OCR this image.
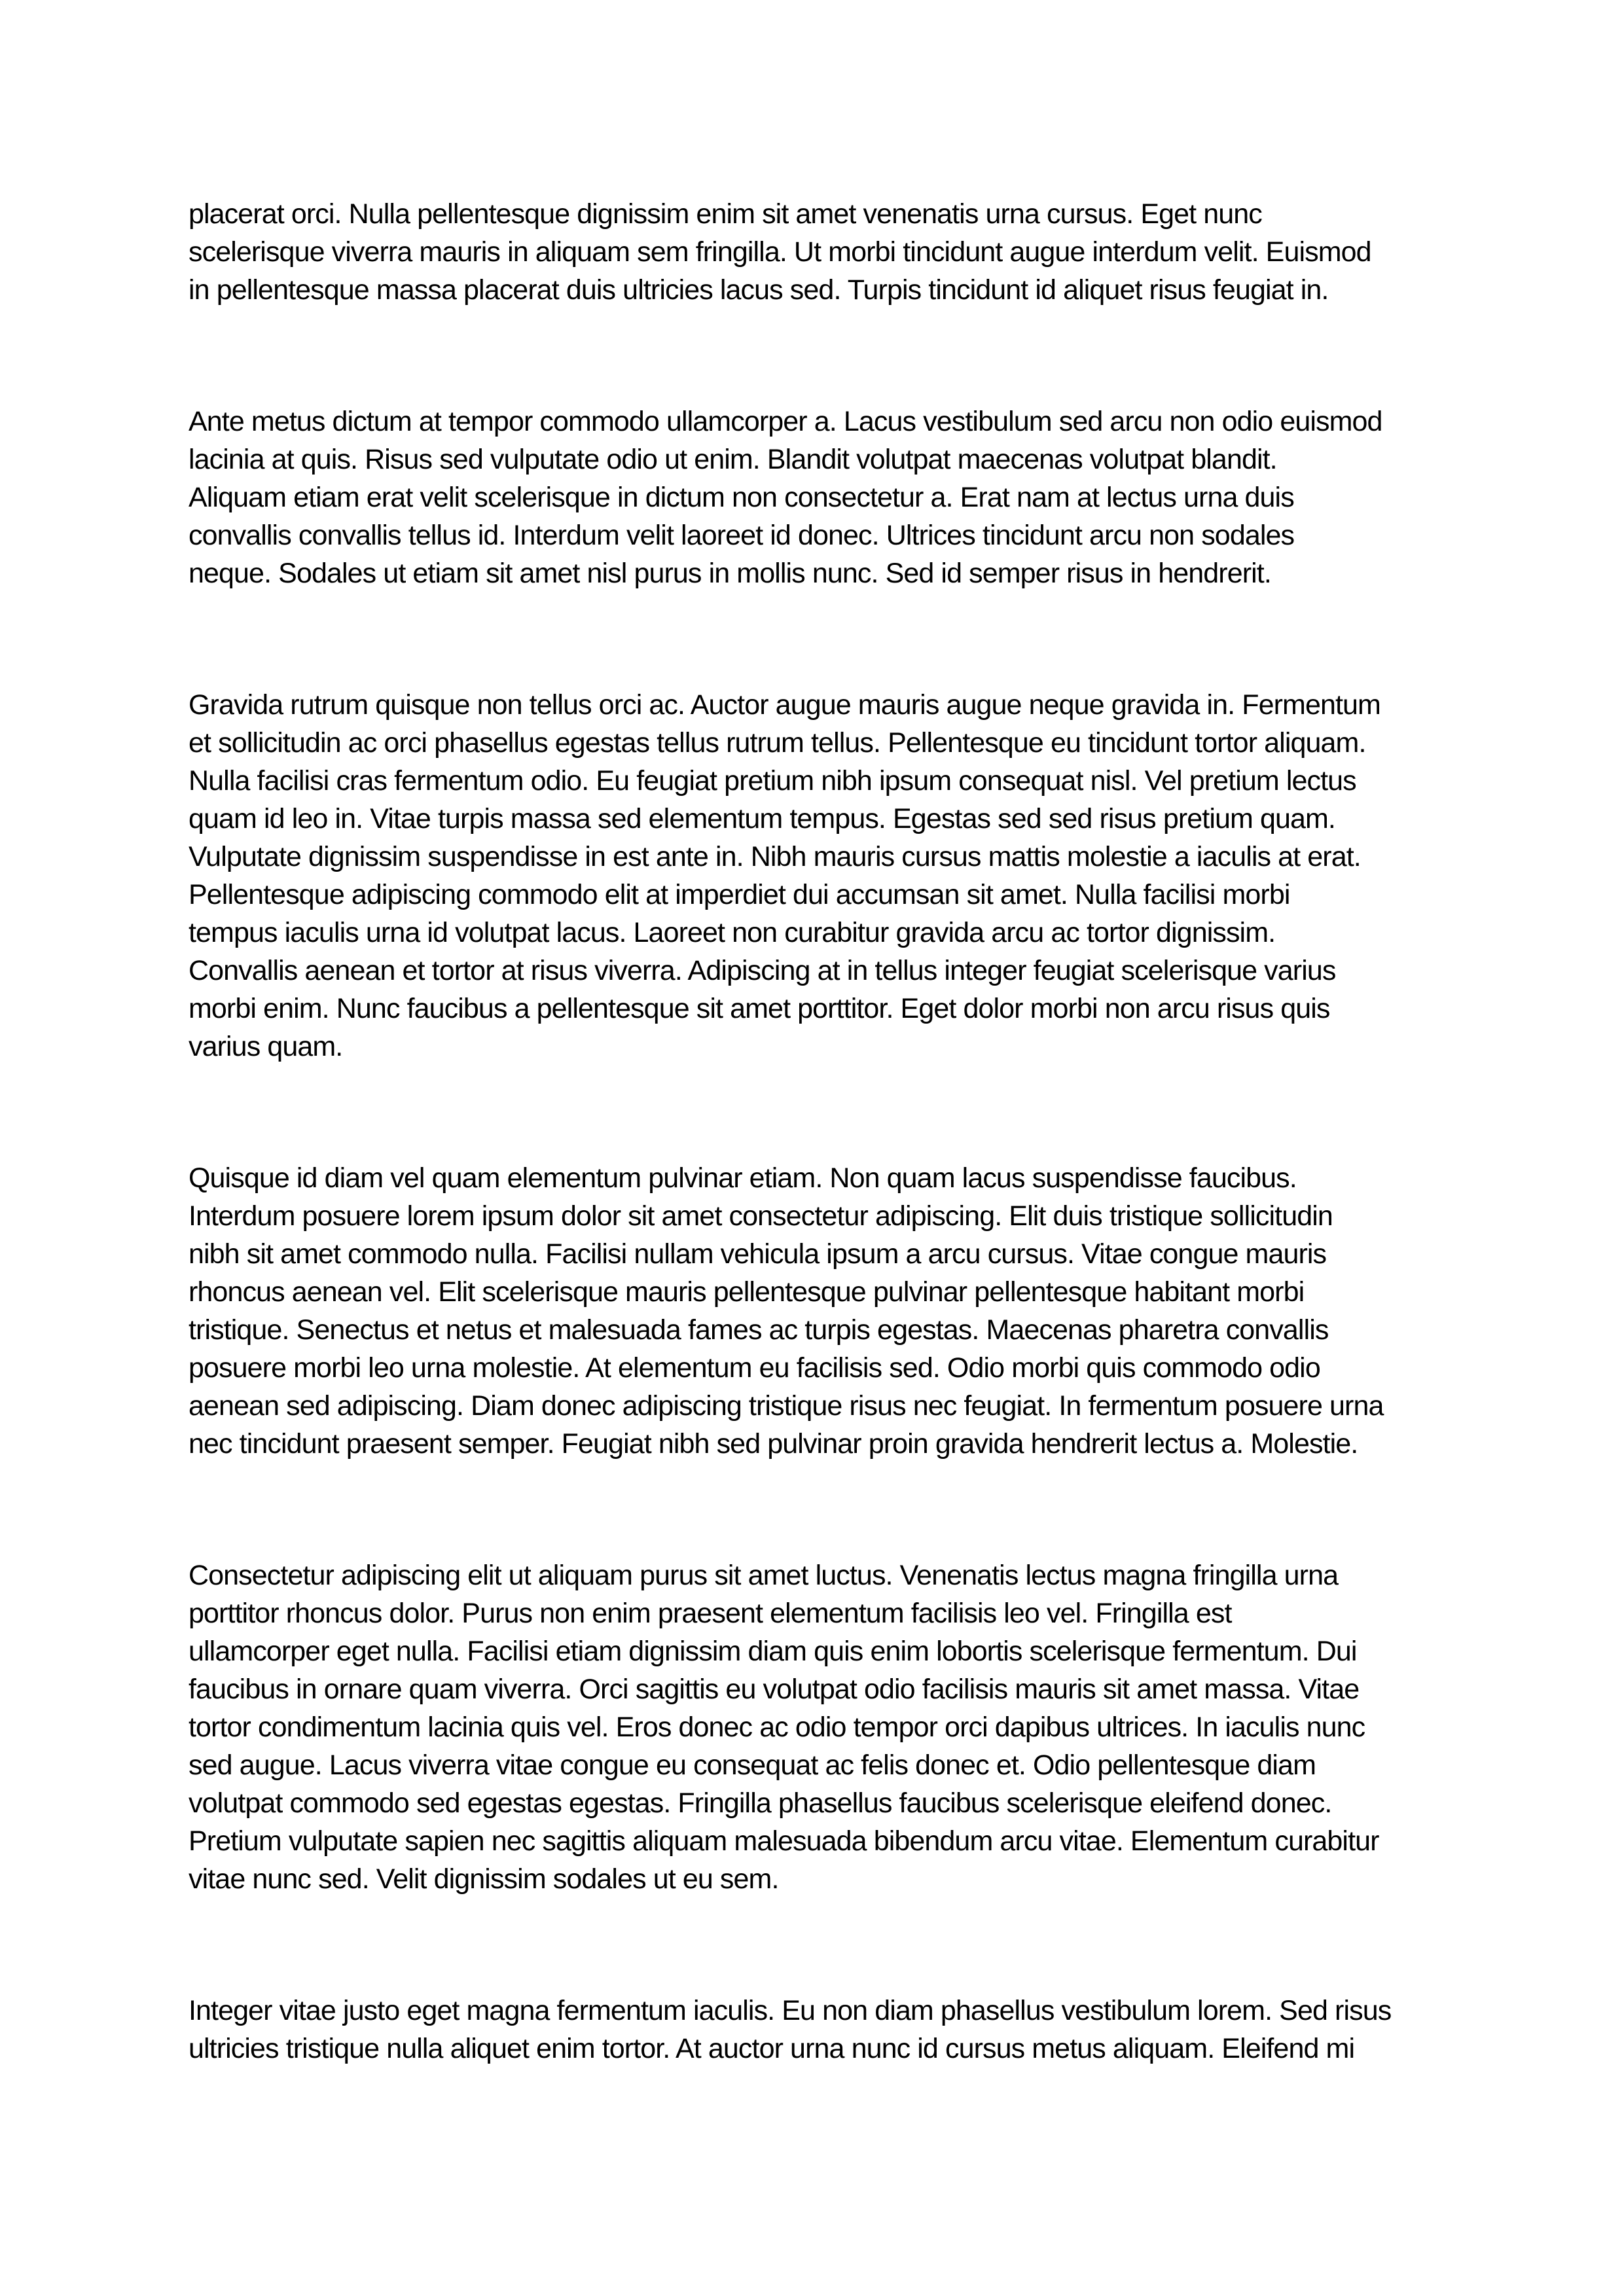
placerat orci. Nulla pellentesque dignissim enim sit amet venenatis urna cursus. Eget nunc
scelerisque viverra mauris in aliquam sem fringilla. Ut morbi tincidunt augue interdum velit. Euismod
in pellentesque massa placerat duis ultricies lacus sed. Turpis tincidunt id aliquet risus feugiat in.
Ante metus dictum at tempor commodo ullamcorper a. Lacus vestibulum sed arcu non odio euismod
lacinia at quis. Risus sed vulputate odio ut enim. Blandit volutpat maecenas volutpat blandit.
Aliquam etiam erat velit scelerisque in dictum non consectetur a. Erat nam at lectus urna duis
convallis convallis tellus id. Interdum velit laoreet id donec. Ultrices tincidunt arcu non sodales
neque. Sodales ut etiam sit amet nisl purus in mollis nunc. Sed id semper risus in hendrerit.
Gravida rutrum quisque non tellus orci ac. Auctor augue mauris augue neque gravida in. Fermentum
et sollicitudin ac orci phasellus egestas tellus rutrum tellus. Pellentesque eu tincidunt tortor aliquam.
Nulla facilisi cras fermentum odio. Eu feugiat pretium nibh ipsum consequat nisl. Vel pretium lectus
quam id leo in. Vitae turpis massa sed elementum tempus. Egestas sed sed risus pretium quam.
Vulputate dignissim suspendisse in est ante in. Nibh mauris cursus mattis molestie a iaculis at erat.
Pellentesque adipiscing commodo elit at imperdiet dui accumsan sit amet. Nulla facilisi morbi
tempus iaculis urna id volutpat lacus. Laoreet non curabitur gravida arcu ac tortor dignissim.
Convallis aenean et tortor at risus viverra. Adipiscing at in tellus integer feugiat scelerisque varius
morbi enim. Nunc faucibus a pellentesque sit amet porttitor. Eget dolor morbi non arcu risus quis
varius quam.
Quisque id diam vel quam elementum pulvinar etiam. Non quam lacus suspendisse faucibus.
Interdum posuere lorem ipsum dolor sit amet consectetur adipiscing. Elit duis tristique sollicitudin
nibh sit amet commodo nulla. Facilisi nullam vehicula ipsum a arcu cursus. Vitae congue mauris
rhoncus aenean vel. Elit scelerisque mauris pellentesque pulvinar pellentesque habitant morbi
tristique. Senectus et netus et malesuada fames ac turpis egestas. Maecenas pharetra convallis
posuere morbi leo urna molestie. At elementum eu facilisis sed. Odio morbi quis commodo odio
aenean sed adipiscing. Diam donec adipiscing tristique risus nec feugiat. In fermentum posuere urna
nec tincidunt praesent semper. Feugiat nibh sed pulvinar proin gravida hendrerit lectus a. Molestie.
Consectetur adipiscing elit ut aliquam purus sit amet luctus. Venenatis lectus magna fringilla urna
porttitor rhoncus dolor. Purus non enim praesent elementum facilisis leo vel. Fringilla est
ullamcorper eget nulla. Facilisi etiam dignissim diam quis enim lobortis scelerisque fermentum. Dui
faucibus in ornare quam viverra. Orci sagittis eu volutpat odio facilisis mauris sit amet massa. Vitae
tortor condimentum lacinia quis vel. Eros donec ac odio tempor orci dapibus ultrices. In iaculis nunc
sed augue. Lacus viverra vitae congue eu consequat ac felis donec et. Odio pellentesque diam
volutpat commodo sed egestas egestas. Fringilla phasellus faucibus scelerisque eleifend donec.
Pretium vulputate sapien nec sagittis aliquam malesuada bibendum arcu vitae. Elementum curabitur
vitae nunc sed. Velit dignissim sodales ut eu sem.
Integer vitae justo eget magna fermentum iaculis. Eu non diam phasellus vestibulum lorem. Sed risus
ultricies tristique nulla aliquet enim tortor. At auctor urna nunc id cursus metus aliquam. Eleifend mi
